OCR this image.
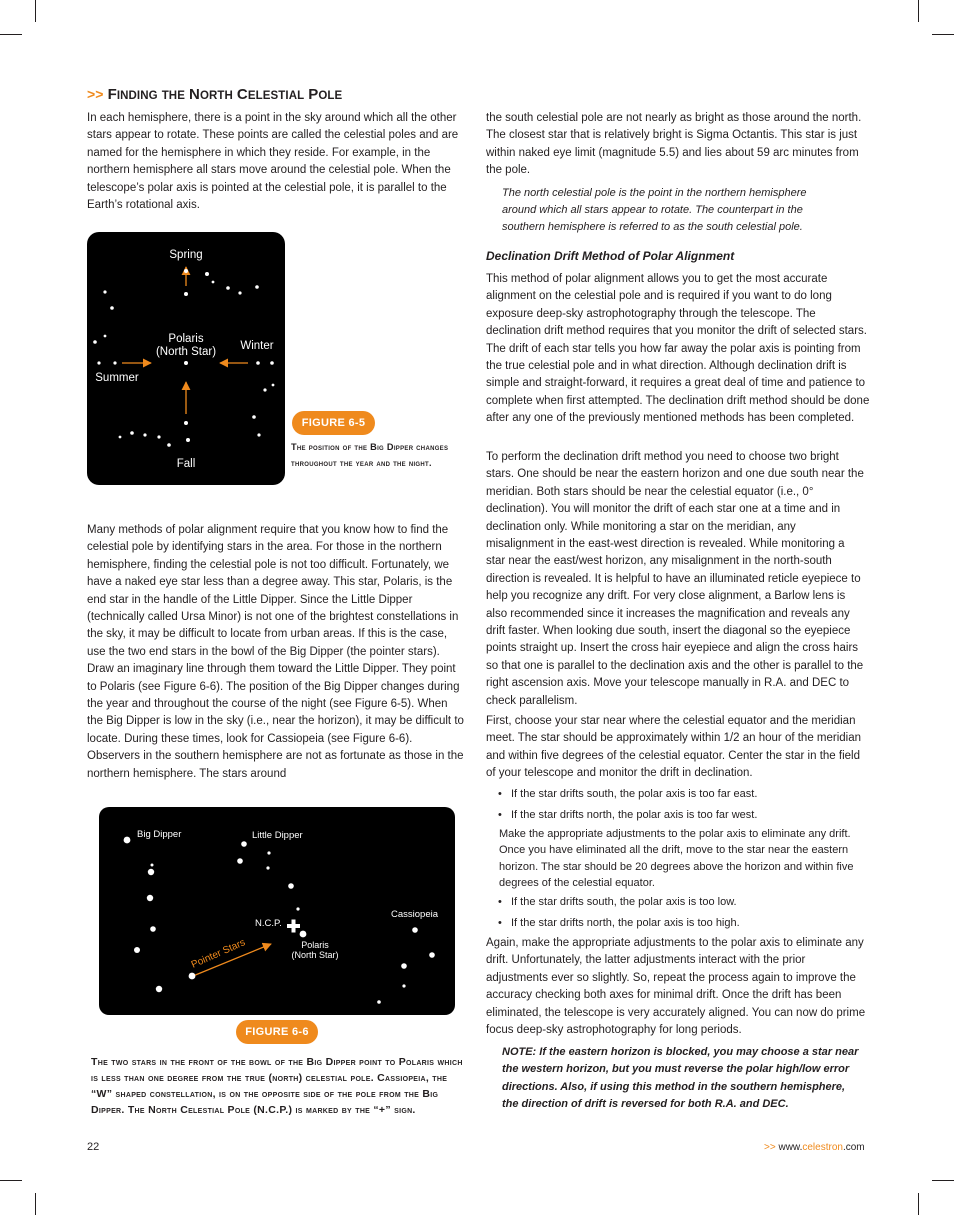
>> FINDING THE NORTH CELESTIAL POLE

In each hemisphere, there is a point in the sky around which all the other stars appear to rotate. These points are called the celestial poles and are named for the hemisphere in which they reside. For example, in the northern hemisphere all stars move around the celestial pole. When the telescope’s polar axis is pointed at the celestial pole, it is parallel to the Earth’s rotational axis.

Spring
Winter
Summer
Fall
Polaris
(North Star)
FIGURE 6-5

The position of the Big Dipper changes throughout the year and the night.

Many methods of polar alignment require that you know how to find the celestial pole by identifying stars in the area. For those in the northern hemisphere, finding the celestial pole is not too difficult. Fortunately, we have a naked eye star less than a degree away. This star, Polaris, is the end star in the handle of the Little Dipper. Since the Little Dipper (technically called Ursa Minor) is not one of the brightest constellations in the sky, it may be difficult to locate from urban areas. If this is the case, use the two end stars in the bowl of the Big Dipper (the pointer stars). Draw an imaginary line through them toward the Little Dipper. They point to Polaris (see Figure 6-6). The position of the Big Dipper changes during the year and throughout the course of the night (see Figure 6-5). When the Big Dipper is low in the sky (i.e., near the horizon), it may be difficult to locate. During these times, look for Cassiopeia (see Figure 6-6). Observers in the southern hemisphere are not as fortunate as those in the northern hemisphere. The stars around

Big Dipper	Little Dipper
Cassiopeia
N.C.P.
Polaris
(North Star)
Pointer Stars
FIGURE 6-6

The two stars in the front of the bowl of the Big Dipper point to Polaris which is less than one degree from the true (north) celestial pole. Cassiopeia, the “W” shaped constellation, is on the opposite side of the pole from the Big Dipper. The North Celestial Pole (N.C.P.) is marked by the “+” sign.

the south celestial pole are not nearly as bright as those around the north. The closest star that is relatively bright is Sigma Octantis. This star is just within naked eye limit (magnitude 5.5) and lies about 59 arc minutes from the pole.

The north celestial pole is the point in the northern hemisphere around which all stars appear to rotate. The counterpart in the southern hemisphere is referred to as the south celestial pole.

Declination Drift Method of Polar Alignment

This method of polar alignment allows you to get the most accurate alignment on the celestial pole and is required if you want to do long exposure deep-sky astrophotography through the telescope. The declination drift method requires that you monitor the drift of selected stars. The drift of each star tells you how far away the polar axis is pointing from the true celestial pole and in what direction. Although declination drift is simple and straight-forward, it requires a great deal of time and patience to complete when first attempted. The declination drift method should be done after any one of the previously mentioned methods has been completed.

To perform the declination drift method you need to choose two bright stars. One should be near the eastern horizon and one due south near the meridian. Both stars should be near the celestial equator (i.e., 0° declination). You will monitor the drift of each star one at a time and in declination only. While monitoring a star on the meridian, any misalignment in the east-west direction is revealed. While monitoring a star near the east/west horizon, any misalignment in the north-south direction is revealed. It is helpful to have an illuminated reticle eyepiece to help you recognize any drift. For very close alignment, a Barlow lens is also recommended since it increases the magnification and reveals any drift faster. When looking due south, insert the diagonal so the eyepiece points straight up. Insert the cross hair eyepiece and align the cross hairs so that one is parallel to the declination axis and the other is parallel to the right ascension axis. Move your telescope manually in R.A. and DEC to check parallelism.

First, choose your star near where the celestial equator and the meridian meet. The star should be approximately within 1/2 an hour of the meridian and within five degrees of the celestial equator. Center the star in the field of your telescope and monitor the drift in declination.

• If the star drifts south, the polar axis is too far east.
• If the star drifts north, the polar axis is too far west.

Make the appropriate adjustments to the polar axis to eliminate any drift. Once you have eliminated all the drift, move to the star near the eastern horizon. The star should be 20 degrees above the horizon and within five degrees of the celestial equator.

• If the star drifts south, the polar axis is too low.
• If the star drifts north, the polar axis is too high.

Again, make the appropriate adjustments to the polar axis to eliminate any drift. Unfortunately, the latter adjustments interact with the prior adjustments ever so slightly. So, repeat the process again to improve the accuracy checking both axes for minimal drift. Once the drift has been eliminated, the telescope is very accurately aligned. You can now do prime focus deep-sky astrophotography for long periods.

NOTE: If the eastern horizon is blocked, you may choose a star near the western horizon, but you must reverse the polar high/low error directions. Also, if using this method in the southern hemisphere, the direction of drift is reversed for both R.A. and DEC.

22	>> www.celestron.com
